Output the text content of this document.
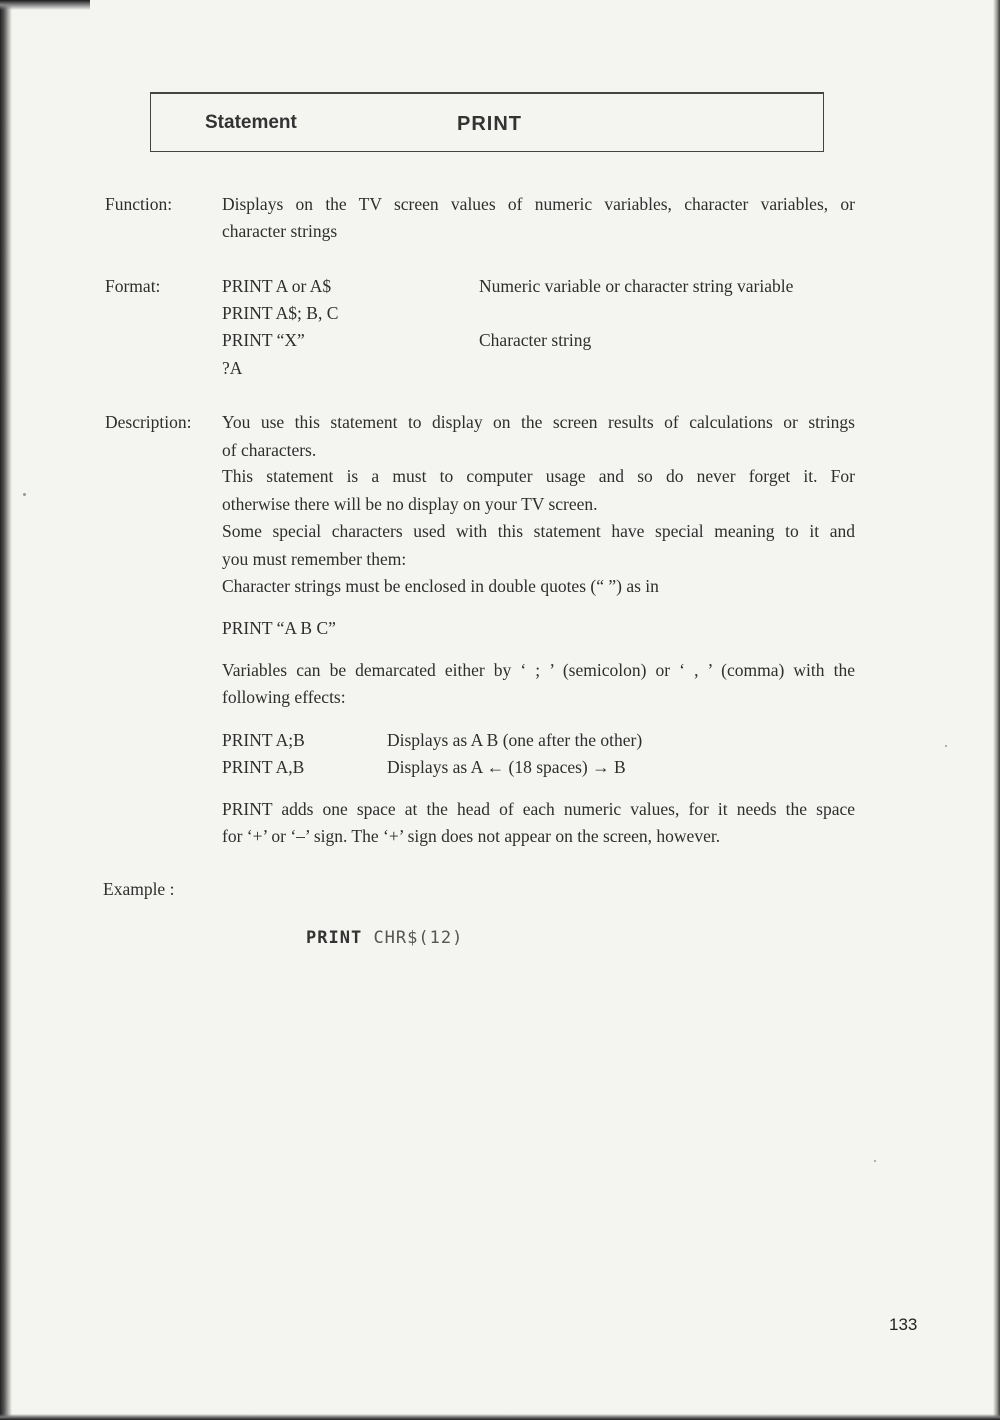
Statement	PRINT
Function:	Displays on the TV screen values of numeric variables, character variables, or
character strings
Format:	PRINT A or A$	Numeric variable or character string variable
PRINT A$; B, C
PRINT “X”	Character string
?A
Description: You use this statement to display on the screen results of calculations or strings
of characters.
This statement is a must to computer usage and so do never forget it. For
otherwise there will be no display on your TV screen.
Some special characters used with this statement have special meaning to it and
you must remember them:
Character strings must be enclosed in double quotes (“ ”) as in
PRINT “A B C”
Variables can be demarcated either by ‘ ; ’ (semicolon) or ‘ , ’ (comma) with the
following effects:
PRINT A;B	Displays as A B (one after the other)
PRINT A,B	Displays as A ← (18 spaces) → B
PRINT adds one space at the head of each numeric values, for it needs the space
for ‘+’ or ‘–’ sign. The ‘+’ sign does not appear on the screen, however.
Example :
PRINT CHR$(12)
133
